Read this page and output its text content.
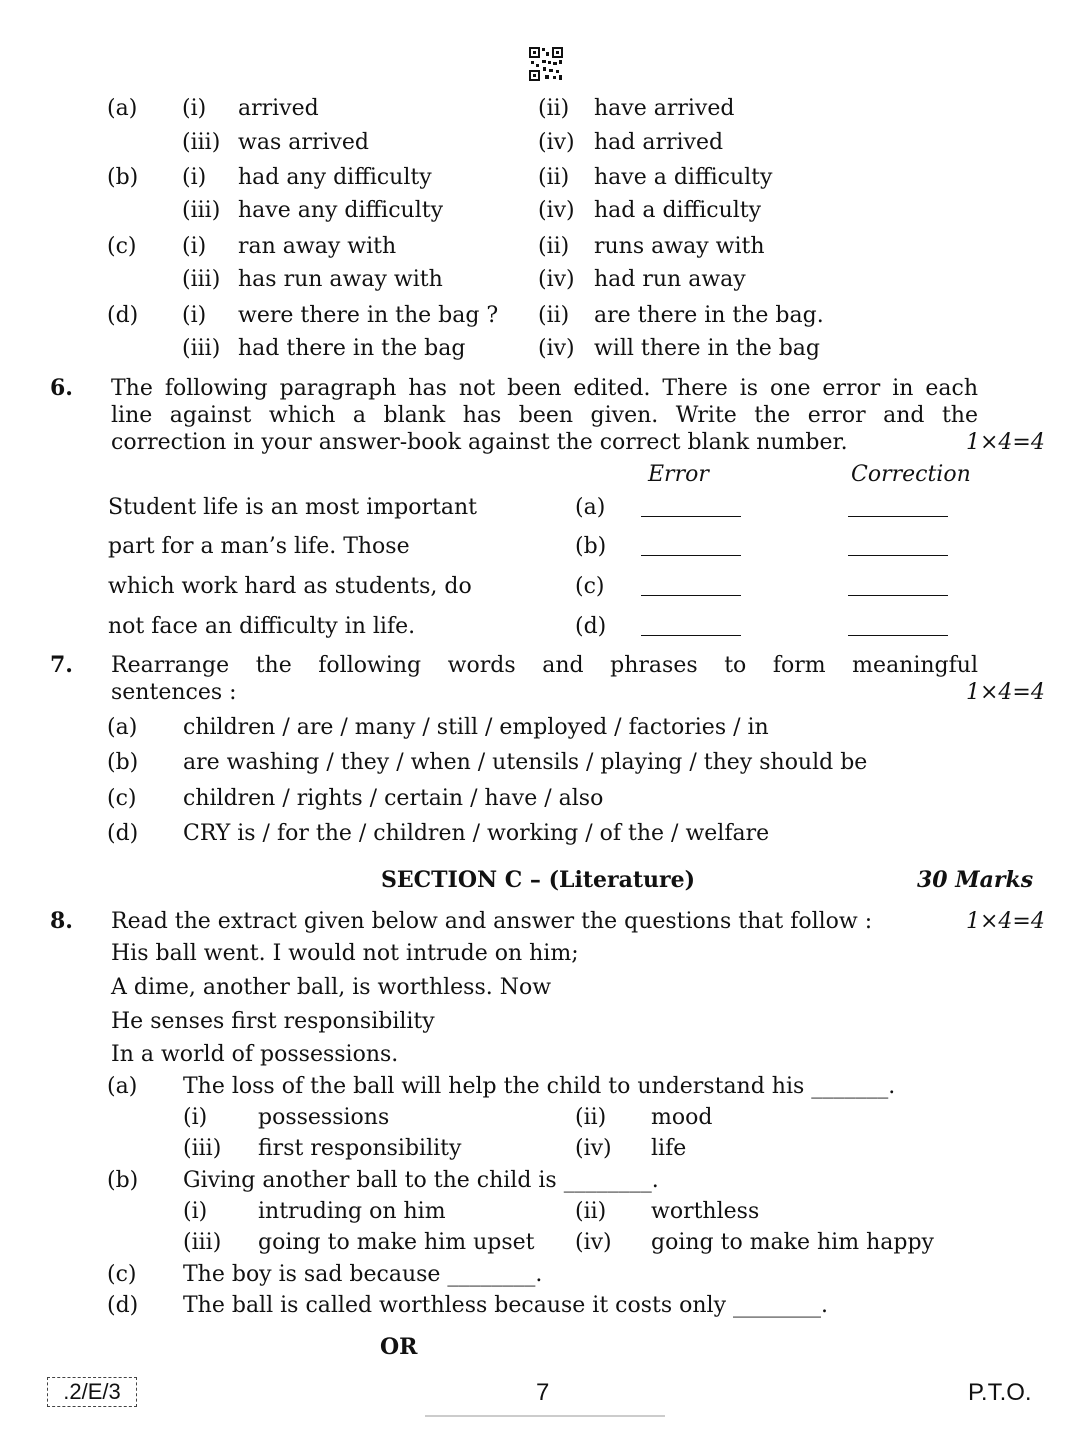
(a) (i) arrived	(ii) have arrived
(iii) was arrived	(iv) had arrived
(b) (i) had any difficulty	(ii) have a difficulty
(iii) have any difficulty	(iv) had a difficulty
(c) (i) ran away with	(ii) runs away with
(iii) has run away with	(iv) had run away
(d) (i) were there in the bag ? (ii) are there in the bag.
(iii) had there in the bag	(iv) will there in the bag
6. The following paragraph has not been edited. There is one error in each
line against which a blank has been given. Write the error and the
correction in your answer-book against the correct blank number.	1×4=4
Error	Correction
Student life is an most important	(a)
part for a man’s life. Those	(b)
which work hard as students, do	(c)
not face an difficulty in life.	(d)
7. Rearrange the following words and phrases to form meaningful
sentences :	1×4=4
(a) children / are / many / still / employed / factories / in
(b) are washing / they / when / utensils / playing / they should be
(c) children / rights / certain / have / also
(d) CRY is / for the / children / working / of the / welfare
SECTION C – (Literature)	30 Marks
8. Read the extract given below and answer the questions that follow :	1×4=4
His ball went. I would not intrude on him;
A dime, another ball, is worthless. Now
He senses first responsibility
In a world of possessions.
(a) The loss of the ball will help the child to understand his _______.
(i) possessions	(ii) mood
(iii) first responsibility	(iv) life
(b) Giving another ball to the child is ________.
(i) intruding on him	(ii) worthless
(iii) going to make him upset (iv) going to make him happy
(c) The boy is sad because ________.
(d) The ball is called worthless because it costs only ________.
OR
.2/E/3	7	P.T.O.
